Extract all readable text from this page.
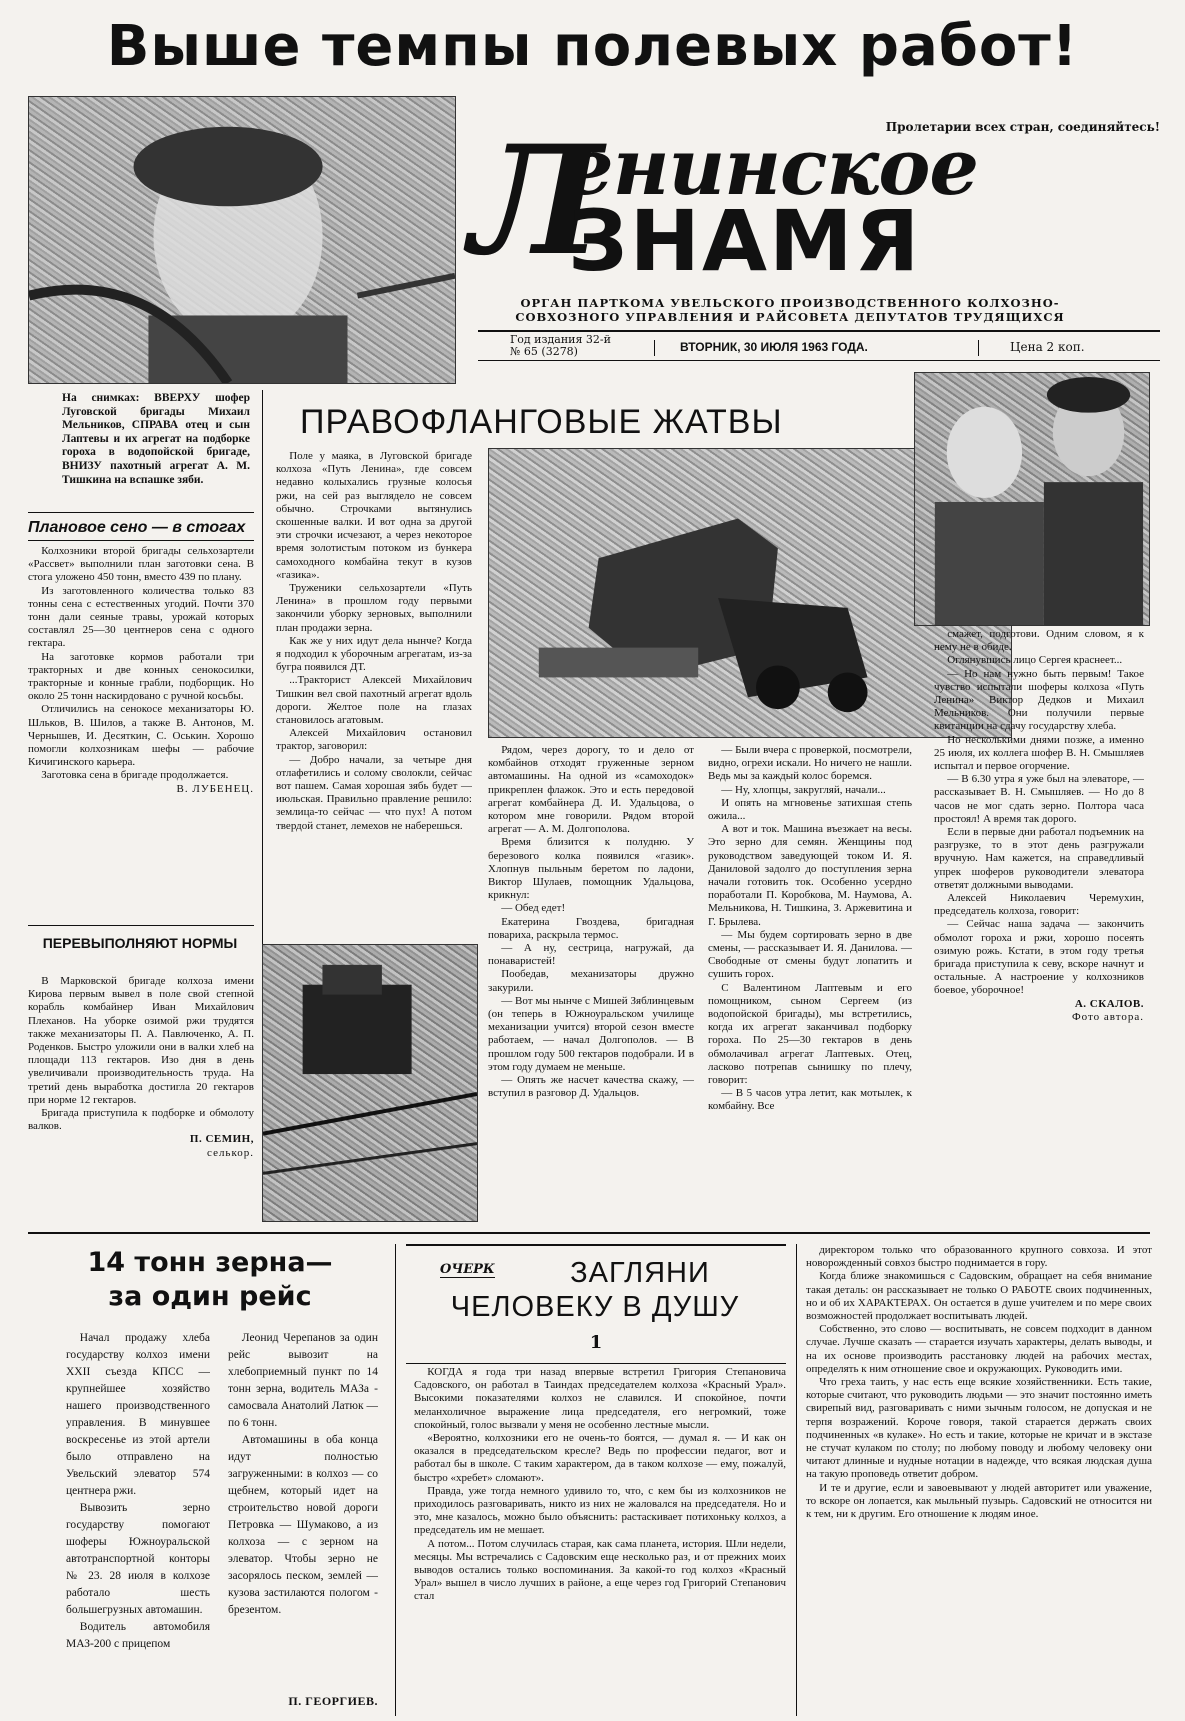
Выше темпы полевых работ!
Пролетарии всех стран, соединяйтесь!
енинское
Л
ЗНАМЯ
ОРГАН ПАРТКОМА УВЕЛЬСКОГО ПРОИЗВОДСТВЕННОГО КОЛХОЗНО-
СОВХОЗНОГО УПРАВЛЕНИЯ И РАЙСОВЕТА ДЕПУТАТОВ ТРУДЯЩИХСЯ
Год издания 32-й
№ 65 (3278)	ВТОРНИК, 30 ИЮЛЯ 1963 ГОДА.	Цена 2 коп.
На снимках: ВВЕРХУ шофер Луговской бригады Михаил Мельников, СПРАВА отец и сын Лаптевы и их агрегат на подборке гороха в водопойской бригаде, ВНИЗУ пахотный агрегат А. М. Тишкина на вспашке зяби.
Плановое сено — в стогах

Колхозники второй бригады сельхозартели «Рассвет» выполнили план заготовки сена. В стога уложено 450 тонн, вместо 439 по плану.

Из заготовленного количества только 83 тонны сена с естественных угодий. Почти 370 тонн дали сеяные травы, урожай которых составлял 25—30 центнеров сена с одного гектара.

На заготовке кормов работали три тракторных и две конных сенокосилки, тракторные и конные грабли, подборщик. Но около 25 тонн наскирдовано с ручной косьбы.

Отличились на сенокосе механизаторы Ю. Шльков, В. Шилов, а также В. Антонов, М. Чернышев, И. Десяткин, С. Оськин. Хорошо помогли колхозникам шефы — рабочие Кичигинского карьера.

Заготовка сена в бригаде продолжается.

В. ЛУБЕНЕЦ.

ПЕРЕВЫПОЛНЯЮТ НОРМЫ

В Марковской бригаде колхоза имени Кирова первым вывел в поле свой степной корабль комбайнер Иван Михайлович Плеханов. На уборке озимой ржи трудятся также механизаторы П. А. Павлюченко, А. П. Роденков. Быстро уложили они в валки хлеб на площади 113 гектаров. Изо дня в день увеличивали производительность труда. На третий день выработка достигла 20 гектаров при норме 12 гектаров.

Бригада приступила к подборке и обмолоту валков.

П. СЕМИН,

селькор.

ПРАВОФЛАНГОВЫЕ ЖАТВЫ

Поле у маяка, в Луговской бригаде колхоза «Путь Ленина», где совсем недавно колыхались грузные колосья ржи, на сей раз выглядело не совсем обычно. Строчками вытянулись скошенные валки. И вот одна за другой эти строчки исчезают, а через некоторое время золотистым потоком из бункера самоходного комбайна текут в кузов «газика».

Труженики сельхозартели «Путь Ленина» в прошлом году первыми закончили уборку зерновых, выполнили план продажи зерна.

Как же у них идут дела нынче? Когда я подходил к уборочным агрегатам, из-за бугра появился ДТ.

...Тракторист Алексей Михайлович Тишкин вел свой пахотный агрегат вдоль дороги. Желтое поле на глазах становилось агатовым.

Алексей Михайлович остановил трактор, заговорил:

— Добро начали, за четыре дня отлафетились и солому сволокли, сейчас вот пашем. Самая хорошая зябь будет — июльская. Правильно правление решило: землица-то сейчас — что пух! А потом твердой станет, лемехов не наберешься.

Рядом, через дорогу, то и дело от комбайнов отходят груженные зерном автомашины. На одной из «самоходок» прикреплен флажок. Это и есть передовой агрегат комбайнера Д. И. Удальцова, о котором мне говорили. Рядом второй агрегат — А. М. Долгополова.

Время близится к полудню. У березового колка появился «газик». Хлопнув пыльным беретом по ладони, Виктор Шулаев, помощник Удальцова, крикнул:

— Обед едет!

Екатерина Гвоздева, бригадная повариха, раскрыла термос.

— А ну, сестрица, нагружай, да понаваристей!

Пообедав, механизаторы дружно закурили.

— Вот мы нынче с Мишей Зяблинцевым (он теперь в Южноуральском училище механизации учится) второй сезон вместе работаем, — начал Долгополов. — В прошлом году 500 гектаров подобрали. И в этом году думаем не меньше.

— Опять же насчет качества скажу, — вступил в разговор Д. Удальцов.

— Были вчера с проверкой, посмотрели, видно, огрехи искали. Но ничего не нашли. Ведь мы за каждый колос боремся.

— Ну, хлопцы, закругляй, начали...

И опять на мгновенье затихшая степь ожила...

А вот и ток. Машина въезжает на весы. Это зерно для семян. Женщины под руководством заведующей током И. Я. Даниловой задолго до поступления зерна начали готовить ток. Особенно усердно поработали П. Коробкова, М. Наумова, А. Мельникова, Н. Тишкина, З. Аржевитина и Г. Брылева.

— Мы будем сортировать зерно в две смены, — рассказывает И. Я. Данилова. — Свободные от смены будут лопатить и сушить горох.

С Валентином Лаптевым и его помощником, сыном Сергеем (из водопойской бригады), мы встретились, когда их агрегат заканчивал подборку гороха. По 25—30 гектаров в день обмолачивал агрегат Лаптевых. Отец, ласково потрепав сынишку по плечу, говорит:

— В 5 часов утра летит, как мотылек, к комбайну. Все

смажет, подготови. Одним словом, я к нему не в обиде.

Оглянувшись лицо Сергея краснеет...

— Но нам нужно быть первым! Такое чувство испытали шоферы колхоза «Путь Ленина» Виктор Дедков и Михаил Мельников. Они получили первые квитанции на сдачу государству хлеба.

Но несколькими днями позже, а именно 25 июля, их коллега шофер В. Н. Смышляев испытал и первое огорчение.

— В 6.30 утра я уже был на элеваторе, — рассказывает В. Н. Смышляев. — Но до 8 часов не мог сдать зерно. Полтора часа простоял! А время так дорого.

Если в первые дни работал подъемник на разгрузке, то в этот день разгружали вручную. Нам кажется, на справедливый упрек шоферов руководители элеватора ответят должными выводами.

Алексей Николаевич Черемухин, председатель колхоза, говорит:

— Сейчас наша задача — закончить обмолот гороха и ржи, хорошо посеять озимую рожь. Кстати, в этом году третья бригада приступила к севу, вскоре начнут и остальные. А настроение у колхозников боевое, уборочное!

А. СКАЛОВ.

Фото автора.

14 тонн зерна—
за один рейс

Начал продажу хлеба государству колхоз имени XXII съезда КПСС — крупнейшее хозяйство нашего производственного управления. В минувшее воскресенье из этой артели было отправлено на Увельский элеватор 574 центнера ржи.

Вывозить зерно государству помогают шоферы Южноуральской автотранспортной конторы № 23. 28 июля в колхозе работало шесть большегрузных автомашин.

Водитель автомобиля МАЗ-200 с прицепом

Леонид Черепанов за один рейс вывозит на хлебоприемный пункт по 14 тонн зерна, водитель МАЗа - самосвала Анатолий Латюк — по 6 тонн.

Автомашины в оба конца идут полностью загруженными: в колхоз — со щебнем, который идет на строительство новой дороги Петровка — Шумаково, а из колхоза — с зерном на элеватор. Чтобы зерно не засорялось песком, землей — кузова застилаются пологом - брезентом.

П. ГЕОРГИЕВ.
ОЧЕРК	ЗАГЛЯНИ
ЧЕЛОВЕКУ В ДУШУ
1

КОГДА я года три назад впервые встретил Григория Степановича Садовского, он работал в Таиндах председателем колхоза «Красный Урал». Высокими показателями колхоз не славился. И спокойное, почти меланхоличное выражение лица председателя, его негромкий, тоже спокойный, голос вызвали у меня не особенно лестные мысли.

«Вероятно, колхозники его не очень-то боятся, — думал я. — И как он оказался в председательском кресле? Ведь по профессии педагог, вот и работал бы в школе. С таким характером, да в таком колхозе — ему, пожалуй, быстро «хребет» сломают».

Правда, уже тогда немного удивило то, что, с кем бы из колхозников не приходилось разговаривать, никто из них не жаловался на председателя. Но и это, мне казалось, можно было объяснить: растаскивает потихоньку колхоз, а председатель им не мешает.

А потом... Потом случилась старая, как сама планета, история. Шли недели, месяцы. Мы встречались с Садовским еще несколько раз, и от прежних моих выводов остались только воспоминания. За какой-то год колхоз «Красный Урал» вышел в число лучших в районе, а еще через год Григорий Степанович стал

директором только что образованного крупного совхоза. И этот новорожденный совхоз быстро поднимается в гору.

Когда ближе знакомишься с Садовским, обращает на себя внимание такая деталь: он рассказывает не только О РАБОТЕ своих подчиненных, но и об их ХАРАКТЕРАХ. Он остается в душе учителем и по мере своих возможностей продолжает воспитывать людей.

Собственно, это слово — воспитывать, не совсем подходит в данном случае. Лучше сказать — старается изучать характеры, делать выводы, и на их основе производить расстановку людей на рабочих местах, определять к ним отношение свое и окружающих. Руководить ими.

Что греха таить, у нас есть еще всякие хозяйственники. Есть такие, которые считают, что руководить людьми — это значит постоянно иметь свирепый вид, разговаривать с ними зычным голосом, не допуская и не терпя возражений. Короче говоря, такой старается держать своих подчиненных «в кулаке». Но есть и такие, которые не кричат и в экстазе не стучат кулаком по столу; по любому поводу и любому человеку они читают длинные и нудные нотации в надежде, что всякая людская душа на такую проповедь ответит добром.

И те и другие, если и завоевывают у людей авторитет или уважение, то вскоре он лопается, как мыльный пузырь. Садовский не относится ни к тем, ни к другим. Его отношение к людям иное.
